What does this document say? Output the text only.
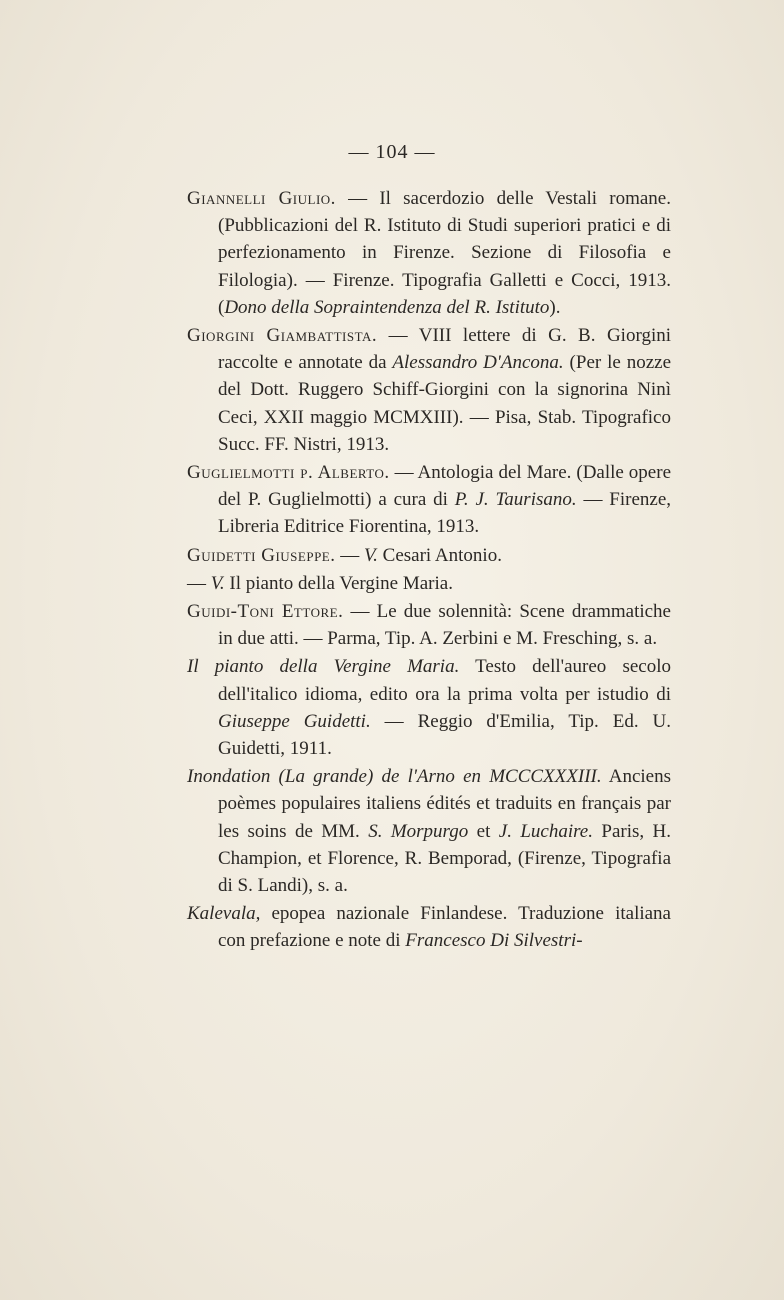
— 104 —

Giannelli Giulio. — Il sacerdozio delle Vestali romane. (Pubblicazioni del R. Istituto di Studi superiori pratici e di perfezionamento in Firenze. Sezione di Filosofia e Filologia). — Firenze. Tipografia Galletti e Cocci, 1913. (Dono della Sopraintendenza del R. Istituto).

Giorgini Giambattista. — VIII lettere di G. B. Giorgini raccolte e annotate da Alessandro D'Ancona. (Per le nozze del Dott. Ruggero Schiff-Giorgini con la signorina Ninì Ceci, XXII maggio MCMXIII). — Pisa, Stab. Tipografico Succ. FF. Nistri, 1913.

Guglielmotti p. Alberto. — Antologia del Mare. (Dalle opere del P. Guglielmotti) a cura di P. J. Taurisano. — Firenze, Libreria Editrice Fiorentina, 1913.

Guidetti Giuseppe. — V. Cesari Antonio.

— V. Il pianto della Vergine Maria.

Guidi-Toni Ettore. — Le due solennità: Scene drammatiche in due atti. — Parma, Tip. A. Zerbini e M. Fresching, s. a.

Il pianto della Vergine Maria. Testo dell'aureo secolo dell'italico idioma, edito ora la prima volta per istudio di Giuseppe Guidetti. — Reggio d'Emilia, Tip. Ed. U. Guidetti, 1911.

Inondation (La grande) de l'Arno en MCCCXXXIII. Anciens poèmes populaires italiens édités et traduits en français par les soins de MM. S. Morpurgo et J. Luchaire. Paris, H. Champion, et Florence, R. Bemporad, (Firenze, Tipografia di S. Landi), s. a.

Kalevala, epopea nazionale Finlandese. Traduzione italiana con prefazione e note di Francesco Di Silvestri-
